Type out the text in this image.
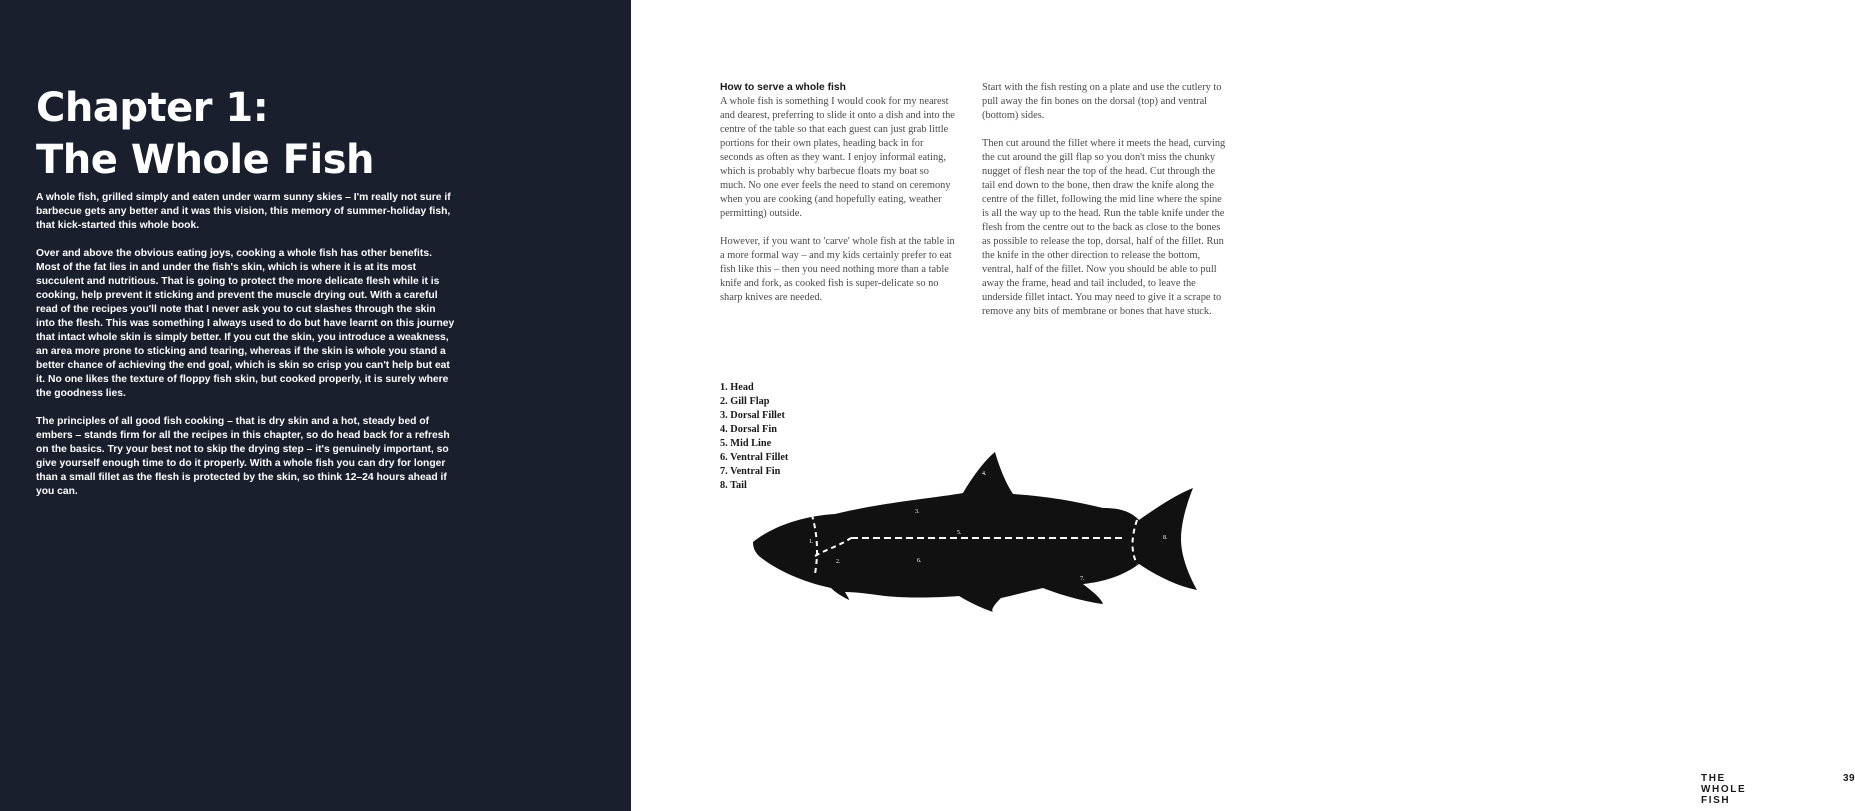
Chapter 1:
The Whole Fish

A whole fish, grilled simply and eaten under warm sunny skies – I'm really not sure if barbecue gets any better and it was this vision, this memory of summer-holiday fish, that kick-started this whole book.

Over and above the obvious eating joys, cooking a whole fish has other benefits. Most of the fat lies in and under the fish's skin, which is where it is at its most succulent and nutritious. That is going to protect the more delicate flesh while it is cooking, help prevent it sticking and prevent the muscle drying out. With a careful read of the recipes you'll note that I never ask you to cut slashes through the skin into the flesh. This was something I always used to do but have learnt on this journey that intact whole skin is simply better. If you cut the skin, you introduce a weakness, an area more prone to sticking and tearing, whereas if the skin is whole you stand a better chance of achieving the end goal, which is skin so crisp you can't help but eat it. No one likes the texture of floppy fish skin, but cooked properly, it is surely where the goodness lies.

The principles of all good fish cooking – that is dry skin and a hot, steady bed of embers – stands firm for all the recipes in this chapter, so do head back for a refresh on the basics. Try your best not to skip the drying step – it's genuinely important, so give yourself enough time to do it properly. With a whole fish you can dry for longer than a small fillet as the flesh is protected by the skin, so think 12–24 hours ahead if you can.

How to serve a whole fish

A whole fish is something I would cook for my nearest and dearest, preferring to slide it onto a dish and into the centre of the table so that each guest can just grab little portions for their own plates, heading back in for seconds as often as they want. I enjoy informal eating, which is probably why barbecue floats my boat so much. No one ever feels the need to stand on ceremony when you are cooking (and hopefully eating, weather permitting) outside.

However, if you want to 'carve' whole fish at the table in a more formal way – and my kids certainly prefer to eat fish like this – then you need nothing more than a table knife and fork, as cooked fish is super-delicate so no sharp knives are needed.

Start with the fish resting on a plate and use the cutlery to pull away the fin bones on the dorsal (top) and ventral (bottom) sides.

Then cut around the fillet where it meets the head, curving the cut around the gill flap so you don't miss the chunky nugget of flesh near the top of the head. Cut through the tail end down to the bone, then draw the knife along the centre of the fillet, following the mid line where the spine is all the way up to the head. Run the table knife under the flesh from the centre out to the back as close to the bones as possible to release the top, dorsal, half of the fillet. Run the knife in the other direction to release the bottom, ventral, half of the fillet. Now you should be able to pull away the frame, head and tail included, to leave the underside fillet intact. You may need to give it a scrape to remove any bits of membrane or bones that have stuck.

1. Head
2. Gill Flap
3. Dorsal Fillet
4. Dorsal Fin
5. Mid Line
6. Ventral Fillet
7. Ventral Fin
8. Tail
THE WHOLE FISH
39
1.
2.
3.
4.
5.
6.
7.
8.
